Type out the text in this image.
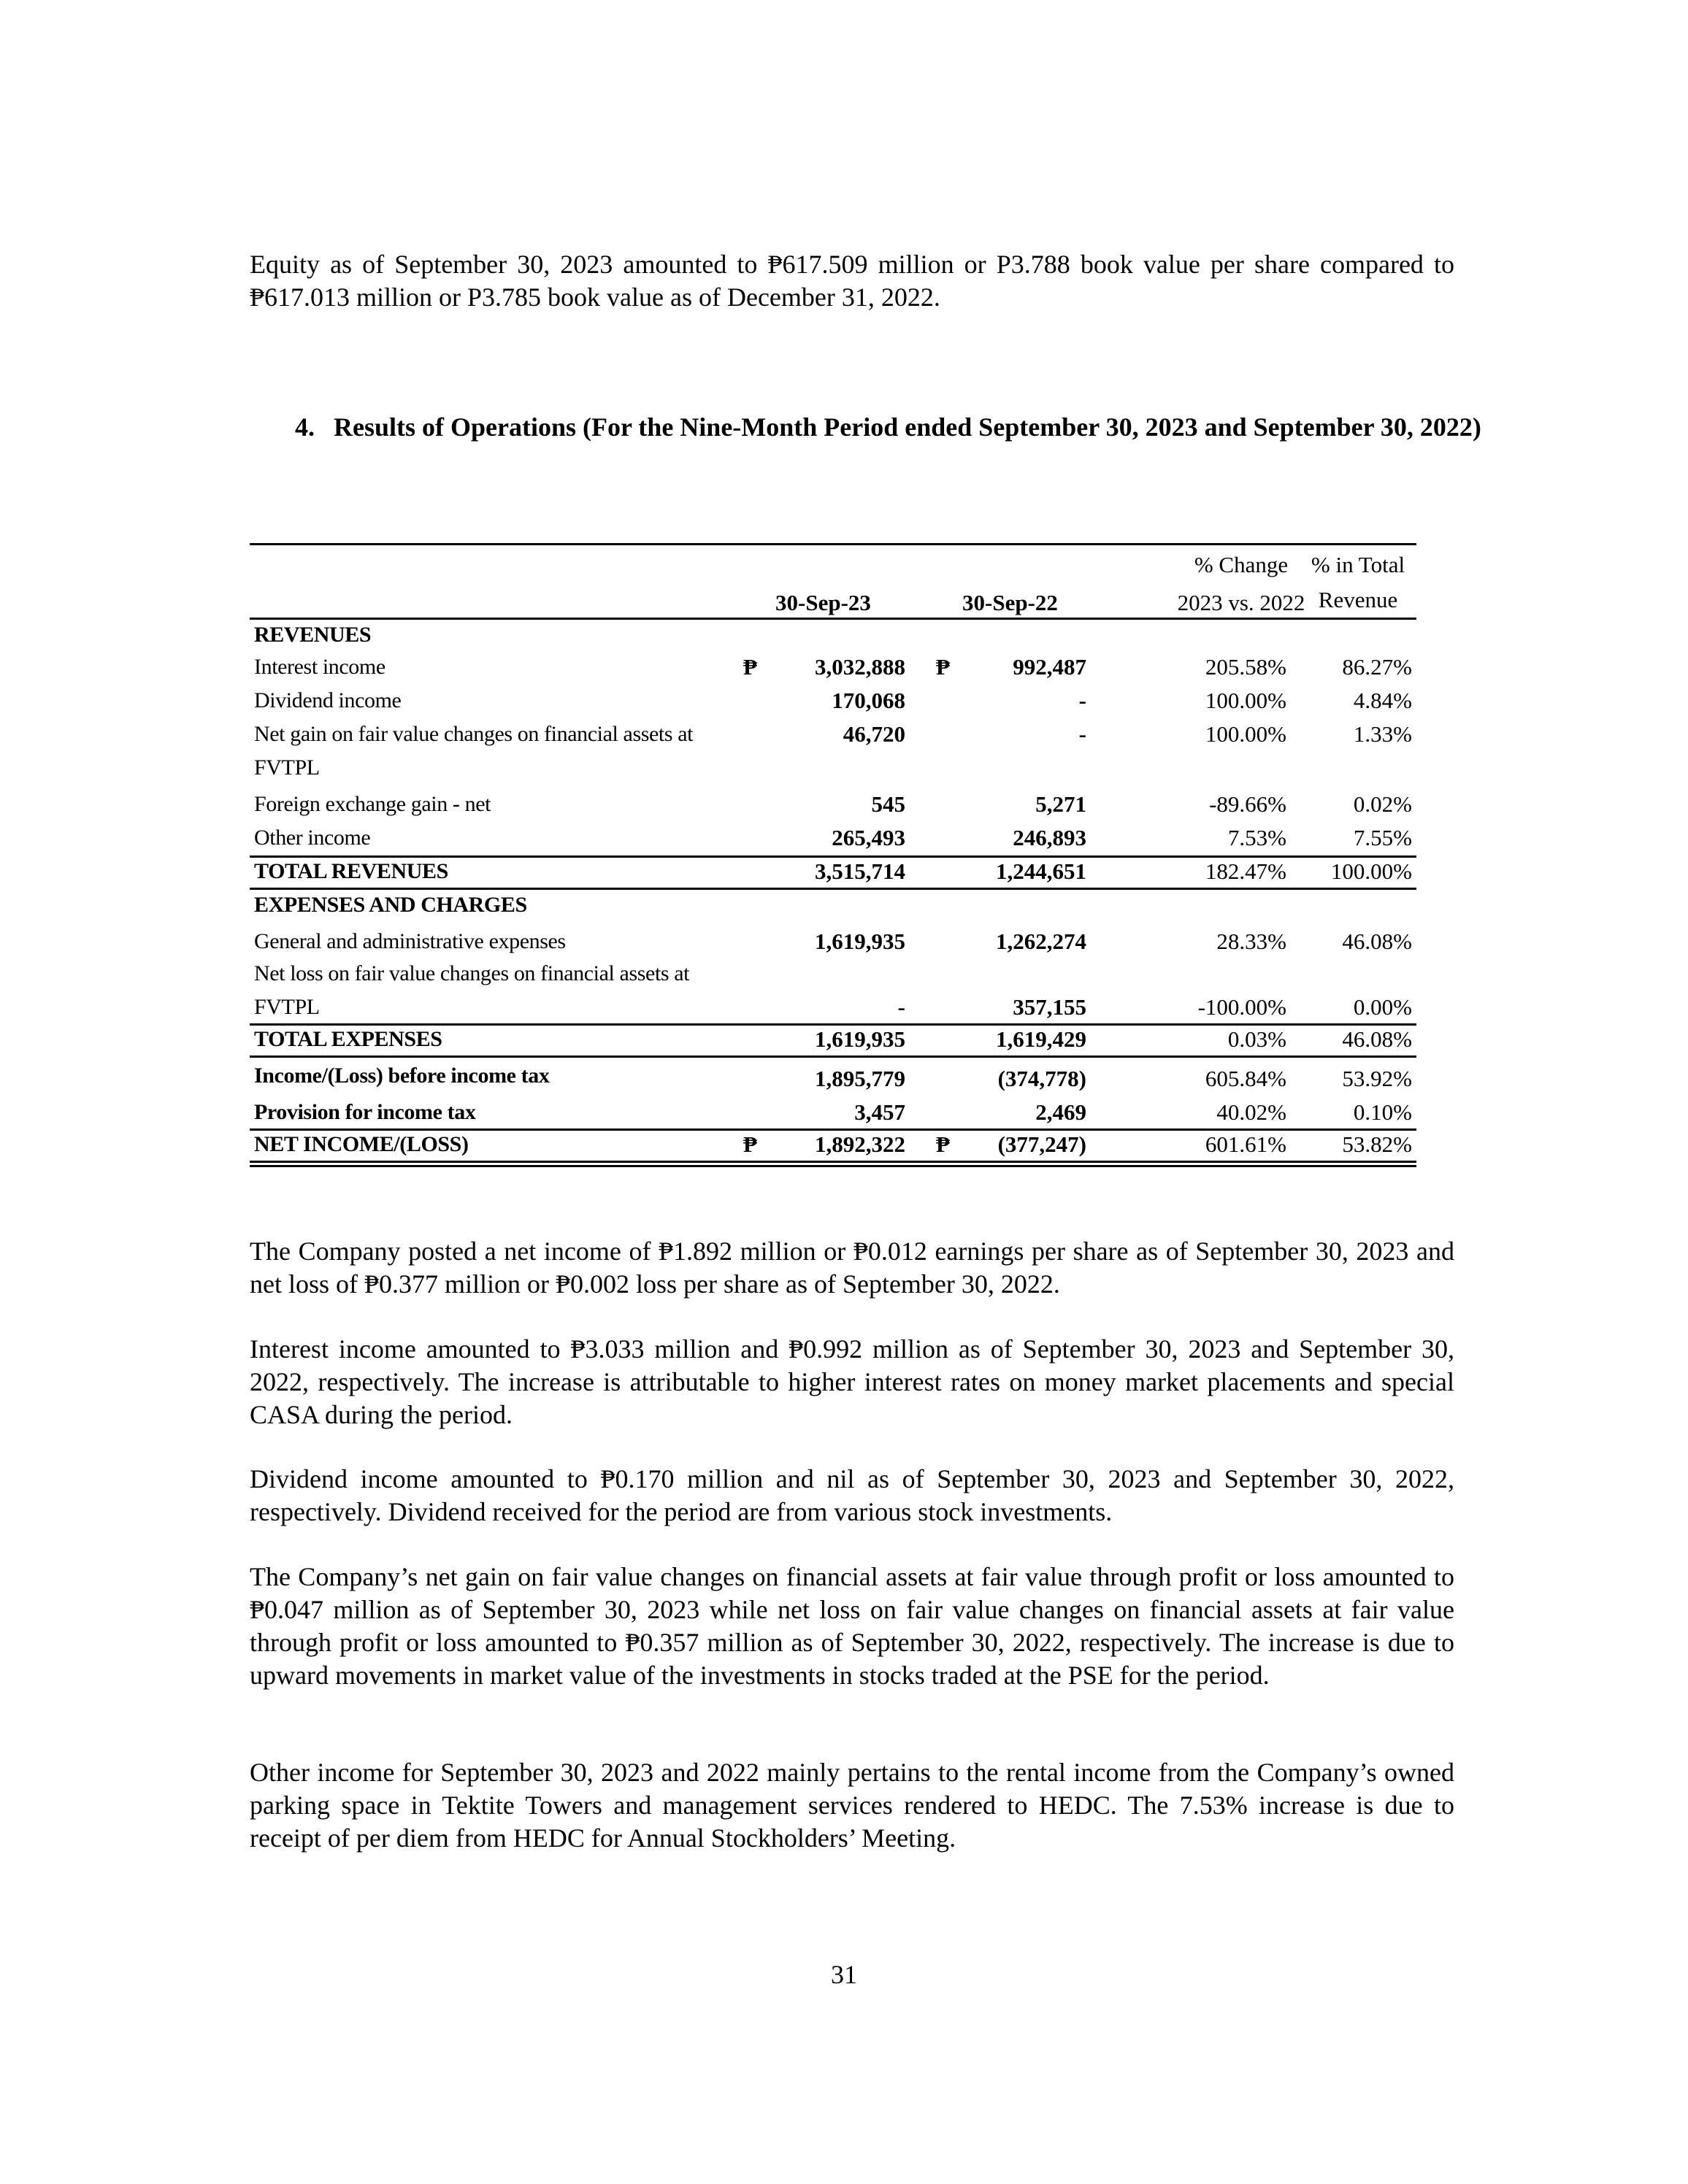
Equity as of September 30, 2023 amounted to ₱617.509 million or P3.788 book value per share compared to ₱617.013 million or P3.785 book value as of December 31, 2022.

4. Results of Operations (For the Nine-Month Period ended September 30, 2023 and September 30, 2022)

% Change % in Total
30-Sep-23	30-Sep-22	2023 vs. 2022 Revenue
REVENUES
Interest income	₱	3,032,888 ₱	992,487	205.58% 86.27%
Dividend income	170,068	-	100.00%	4.84%
Net gain on fair value changes on financial assets at	46,720	-	100.00%	1.33%
FVTPL
Foreign exchange gain - net	545	5,271	-89.66%	0.02%
Other income	265,493	246,893	7.53%	7.55%
TOTAL REVENUES	3,515,714	1,244,651	182.47% 100.00%
EXPENSES AND CHARGES
General and administrative expenses	1,619,935	1,262,274	28.33% 46.08%
Net loss on fair value changes on financial assets at
FVTPL	-	357,155	-100.00%	0.00%
TOTAL EXPENSES	1,619,935	1,619,429	0.03% 46.08%
Income/(Loss) before income tax	1,895,779	(374,778)	605.84% 53.92%
Provision for income tax	3,457	2,469	40.02%	0.10%
NET INCOME/(LOSS)	₱	1,892,322 ₱ (377,247)	601.61% 53.82%

The Company posted a net income of ₱1.892 million or ₱0.012 earnings per share as of September 30, 2023 and net loss of ₱0.377 million or ₱0.002 loss per share as of September 30, 2022.

Interest income amounted to ₱3.033 million and ₱0.992 million as of September 30, 2023 and September 30, 2022, respectively. The increase is attributable to higher interest rates on money market placements and special CASA during the period.

Dividend income amounted to ₱0.170 million and nil as of September 30, 2023 and September 30, 2022, respectively. Dividend received for the period are from various stock investments.

The Company’s net gain on fair value changes on financial assets at fair value through profit or loss amounted to ₱0.047 million as of September 30, 2023 while net loss on fair value changes on financial assets at fair value through profit or loss amounted to ₱0.357 million as of September 30, 2022, respectively. The increase is due to upward movements in market value of the investments in stocks traded at the PSE for the period.

Other income for September 30, 2023 and 2022 mainly pertains to the rental income from the Company’s owned parking space in Tektite Towers and management services rendered to HEDC. The 7.53% increase is due to receipt of per diem from HEDC for Annual Stockholders’ Meeting.

31
